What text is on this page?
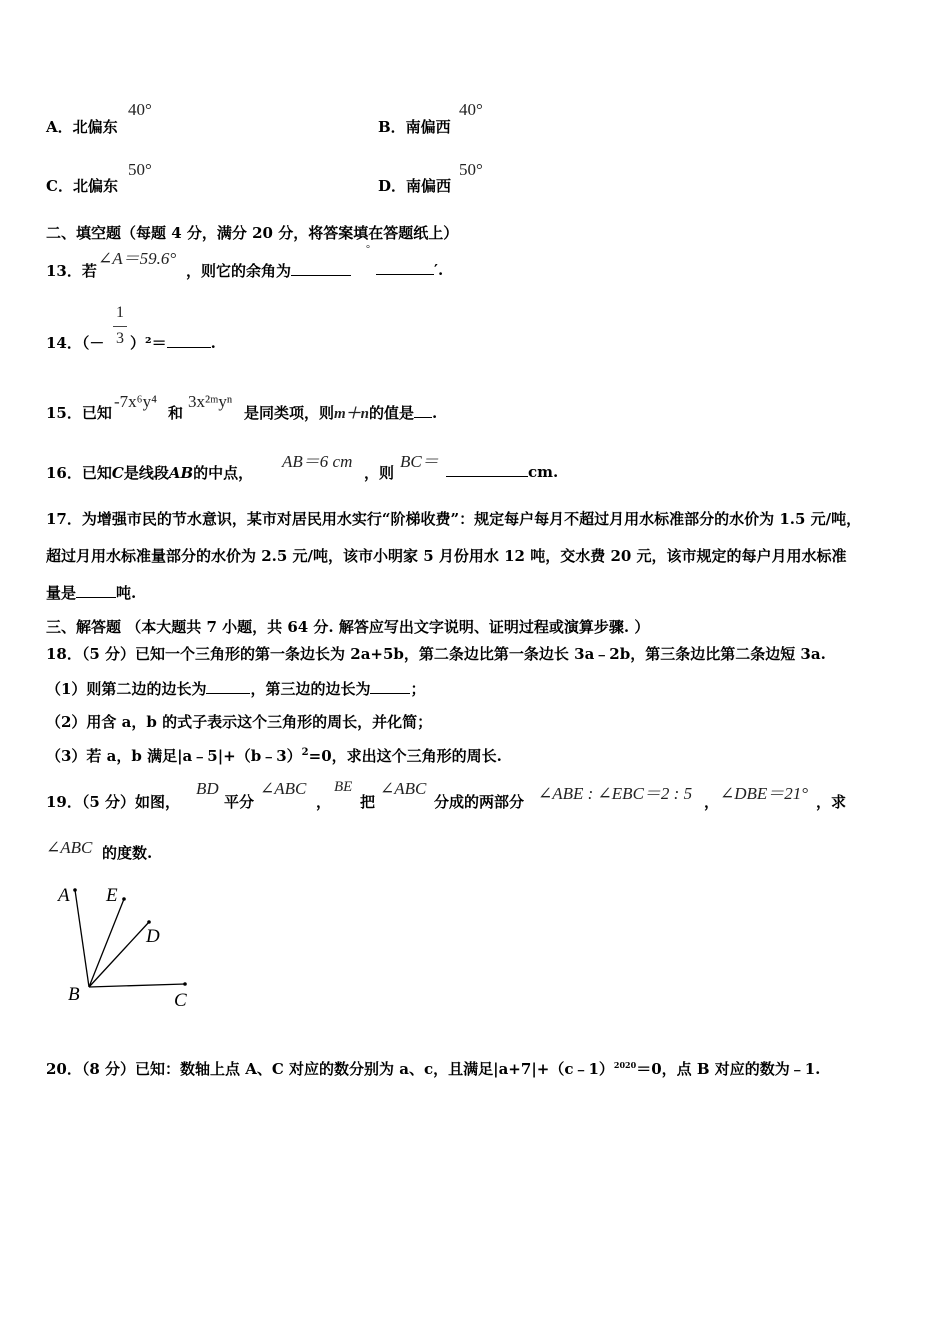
A．北偏东
40°
B．南偏西
40°
C．北偏东
50°
D．南偏西
50°
二、填空题（每题 4 分，满分 20 分，将答案填在答题纸上）
13．若
∠A＝59.6°
，则它的余角为
°
′.
14．（－
1
3 ）²＝	.
15．已知
-7x⁶y⁴
和
3x²ᵐyⁿ
是同类项，则m＋n的值是 .
16．已知C是线段AB的中点，
AB＝6 cm
，则
BC＝
cm.
17．为增强市民的节水意识，某市对居民用水实行“阶梯收费”：规定每户每月不超过月用水标准部分的水价为 1.5 元/吨，
超过月用水标准量部分的水价为 2.5 元/吨，该市小明家 5 月份用水 12 吨，交水费 20 元，该市规定的每户月用水标准
量是	吨.
三、解答题 （本大题共 7 小题，共 64 分. 解答应写出文字说明、证明过程或演算步骤. ）
18．（5 分）已知一个三角形的第一条边长为 2a+5b，第二条边比第一条边长 3a﹣2b，第三条边比第二条边短 3a.
（1）则第二边的边长为	，第三边的边长为	；
（2）用含 a，b 的式子表示这个三角形的周长，并化简；
（3）若 a，b 满足|a﹣5|+（b﹣3）$^2$=0，求出这个三角形的周长.
19．（5 分）如图，
BD
平分
∠ABC
，
BE
把
∠ABC
分成的两部分 ∠ABE : ∠EBC＝2 : 5 ， ∠DBE＝21° ，求
∠ABC 的度数.
A E
D
B	C
20．（8 分）已知：数轴上点 A、C 对应的数分别为 a、c，且满足|a+7|+（c﹣1）$^{2020}$＝0，点 B 对应的数为﹣1.
